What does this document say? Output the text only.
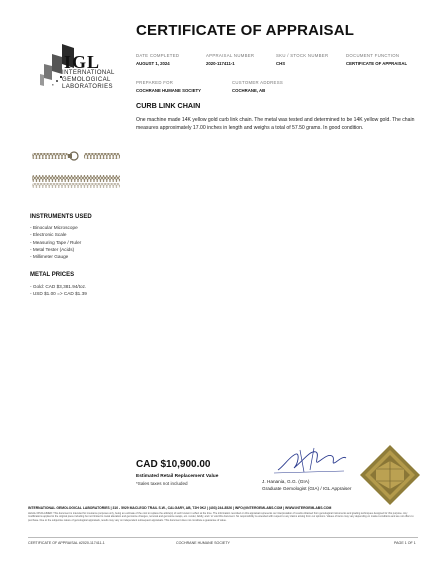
CERTIFICATE OF APPRAISAL
IGL
INTERNATIONAL
GEMOLOGICAL
LABORATORIES
DATE COMPLETED
AUGUST 1, 2024
APPRAISAL NUMBER
2020-117411-1
SKU / STOCK NUMBER
CHS
DOCUMENT FUNCTION
CERTIFICATE OF APPRAISAL
PREPARED FOR
COCHRANE HUMANE SOCIETY
CUSTOMER ADDRESS
COCHRANE, AB
CURB LINK CHAIN
One machine made 14K yellow gold curb link chain. The metal was tested and determined to be 14K yellow gold. The chain measures approximately 17.00 inches in length and weighs a total of 57.50 grams. In good condition.
INSTRUMENTS USED
- Binocular Microscope
- Electronic Scale
- Measuring Tape / Ruler
- Metal Tester (Acids)
- Millimeter Gauge
METAL PRICES
- Gold: CAD $3,381.94/toz.
- USD $1.00 => CAD $1.39
CAD $10,900.00
Estimated Retail Replacement Value
*Sales taxes not included	J. Hanania, G.G. (GIA)
Graduate Gemologist (GIA) / IGL Appraiser
INTERNATIONAL GEMOLOGICAL LABORATORIES | 310 - 5929 MACLEOD TRAIL S.W., CALGARY, AB, T2H 0K2 | (403) 244-8526 | INFO@INTERGEMLABS.COM | WWW.INTERGEMLABS.COM
LEGAL DISCLAIMER: This document is intended for insurance purposes only, being an estimate of the cost to replace the article(s) of such known in effect at the time. The information recorded on this appraisal represents our interpretation of results obtained from gemological instruments and grading techniques designed for this purpose. Any modifications applied to the original piece including but not limited to metal alteration and gemstone changes, removal and gemstone swaps, etc. render, falsify, and / or void this document. No responsibility is extended with respect to any claims arising from our opinions. Values of items may vary depending on market conditions and are not offers to purchase. Due to the subjective nature of gemological appraisals, results may vary on independent subsequent appraisals. This document does not constitute a guarantee of value.
CERTIFICATE OF APPRAISAL #2020-117411-1	COCHRANE HUMANE SOCIETY	PAGE 1 OF 1
